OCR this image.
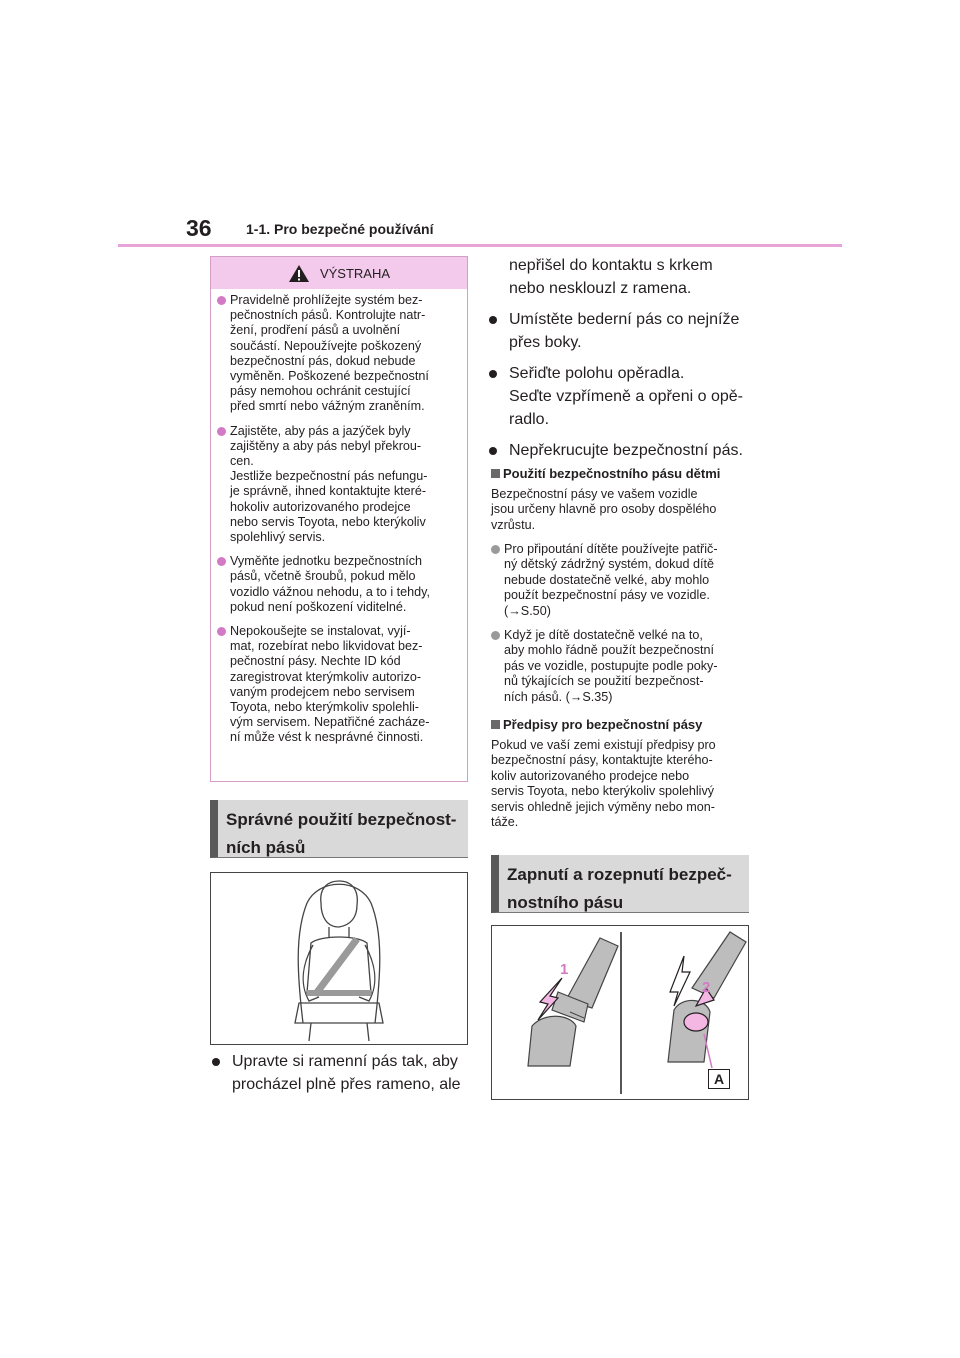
36 1-1. Pro bezpečné používání
VÝSTRAHA

Pravidelně prohlížejte systém bez-
pečnostních pásů. Kontrolujte natr-
žení, prodření pásů a uvolnění
součástí. Nepoužívejte poškozený
bezpečnostní pás, dokud nebude
vyměněn. Poškozené bezpečnostní
pásy nemohou ochránit cestující
před smrtí nebo vážným zraněním.

Zajistěte, aby pás a jazýček byly
zajištěny a aby pás nebyl překrou-
cen.
Jestliže bezpečnostní pás nefungu-
je správně, ihned kontaktujte které-
hokoliv autorizovaného prodejce
nebo servis Toyota, nebo kterýkoliv
spolehlivý servis.

Vyměňte jednotku bezpečnostních
pásů, včetně šroubů, pokud mělo
vozidlo vážnou nehodu, a to i tehdy,
pokud není poškození viditelné.

Nepokoušejte se instalovat, vyjí-
mat, rozebírat nebo likvidovat bez-
pečnostní pásy. Nechte ID kód
zaregistrovat kterýmkoliv autorizo-
vaným prodejcem nebo servisem
Toyota, nebo kterýmkoliv spolehli-
vým servisem. Nepatřičné zacháze-
ní může vést k nesprávné činnosti.

Správné použití bezpečnost-
ních pásů

Upravte si ramenní pás tak, aby
procházel plně přes rameno, ale

nepřišel do kontaktu s krkem
nebo nesklouzl z ramena.

Umístěte bederní pás co nejníže
přes boky.

Seřiďte polohu opěradla.
Seďte vzpřímeně a opřeni o opě-
radlo.

Nepřekrucujte bezpečnostní pás.

Použití bezpečnostního pásu dětmi

Bezpečnostní pásy ve vašem vozidle
jsou určeny hlavně pro osoby dospělého
vzrůstu.

Pro připoutání dítěte používejte patřič-
ný dětský zádržný systém, dokud dítě
nebude dostatečně velké, aby mohlo
použít bezpečnostní pásy ve vozidle.
(→S.50)

Když je dítě dostatečně velké na to,
aby mohlo řádně použít bezpečnostní
pás ve vozidle, postupujte podle poky-
nů týkajících se použití bezpečnost-
ních pásů. (→S.35)

Předpisy pro bezpečnostní pásy

Pokud ve vaší zemi existují předpisy pro
bezpečnostní pásy, kontaktujte kterého-
koliv autorizovaného prodejce nebo
servis Toyota, nebo kterýkoliv spolehlivý
servis ohledně jejich výměny nebo mon-
táže.

Zapnutí a rozepnutí bezpeč-
nostního pásu
1
2
A
